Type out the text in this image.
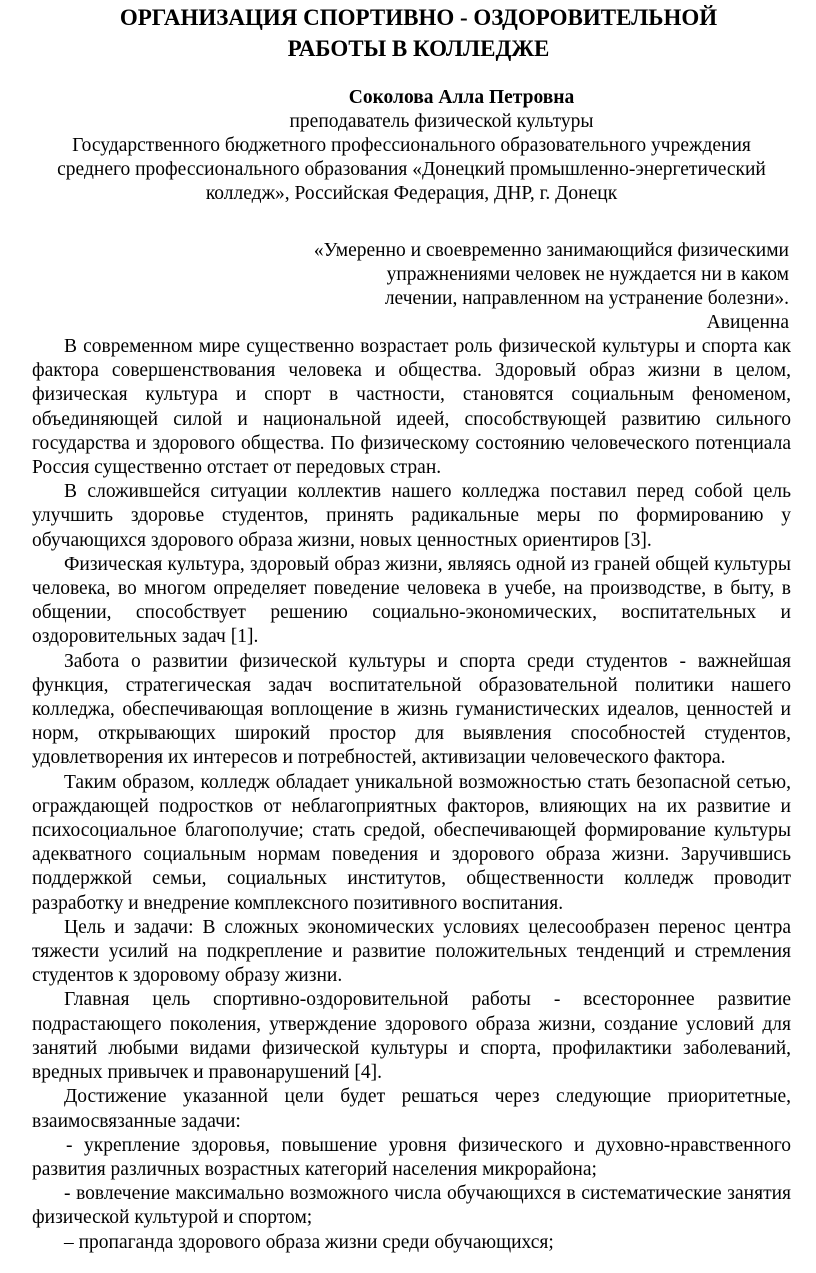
ОРГАНИЗАЦИЯ СПОРТИВНО - ОЗДОРОВИТЕЛЬНОЙ
РАБОТЫ В КОЛЛЕДЖЕ
Соколова Алла Петровна
преподаватель физической культуры
Государственного бюджетного профессионального образовательного учреждения
среднего профессионального образования «Донецкий промышленно-энергетический
колледж», Российская Федерация, ДНР, г. Донецк
«Умеренно и своевременно занимающийся физическими
упражнениями человек не нуждается ни в каком
лечении, направленном на устранение болезни».
Авиценна

В современном мире существенно возрастает роль физической культуры и спорта как фактора совершенствования человека и общества. Здоровый образ жизни в целом, физическая культура и спорт в частности, становятся социальным феноменом, объединяющей силой и национальной идеей, способствующей развитию сильного государства и здорового общества. По физическому состоянию человеческого потенциала Россия существенно отстает от передовых стран.

В сложившейся ситуации коллектив нашего колледжа поставил перед собой цель улучшить здоровье студентов, принять радикальные меры по формированию у обучающихся здорового образа жизни, новых ценностных ориентиров [3].

Физическая культура, здоровый образ жизни, являясь одной из граней общей культуры человека, во многом определяет поведение человека в учебе, на производстве, в быту, в общении, способствует решению социально-экономических, воспитательных и оздоровительных задач [1].

Забота о развитии физической культуры и спорта среди студентов - важнейшая функция, стратегическая задач воспитательной образовательной политики нашего колледжа, обеспечивающая воплощение в жизнь гуманистических идеалов, ценностей и норм, открывающих широкий простор для выявления способностей студентов, удовлетворения их интересов и потребностей, активизации человеческого фактора.

Таким образом, колледж обладает уникальной возможностью стать безопасной сетью, ограждающей подростков от неблагоприятных факторов, влияющих на их развитие и психосоциальное благополучие; стать средой, обеспечивающей формирование культуры адекватного социальным нормам поведения и здорового образа жизни. Заручившись поддержкой семьи, социальных институтов, общественности колледж проводит разработку и внедрение комплексного позитивного воспитания.

Цель и задачи: В сложных экономических условиях целесообразен перенос центра тяжести усилий на подкрепление и развитие положительных тенденций и стремления студентов к здоровому образу жизни.

Главная цель спортивно-оздоровительной работы - всестороннее развитие подрастающего поколения, утверждение здорового образа жизни, создание условий для занятий любыми видами физической культуры и спорта, профилактики заболеваний, вредных привычек и правонарушений [4].

Достижение указанной цели будет решаться через следующие приоритетные, взаимосвязанные задачи:

- укрепление здоровья, повышение уровня физического и духовно-нравственного развития различных возрастных категорий населения микрорайона;

- вовлечение максимально возможного числа обучающихся в систематические занятия физической культурой и спортом;

– пропаганда здорового образа жизни среди обучающихся;
